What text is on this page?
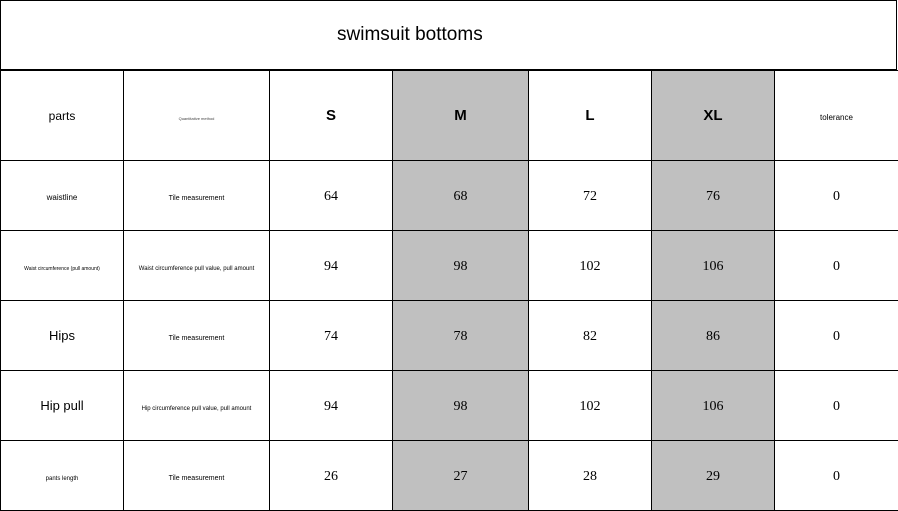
swimsuit bottoms
parts	Quantitative method	S	M	L	XL	tolerance
waistline	Tile measurement	64	68	72	76	0
Waist circumference (pull amount)	Waist circumference pull value, pull amount	94	98	102	106	0
Hips	Tile measurement	74	78	82	86	0
Hip pull	Hip circumference pull value, pull amount	94	98	102	106	0
pants length	Tile measurement	26	27	28	29	0
